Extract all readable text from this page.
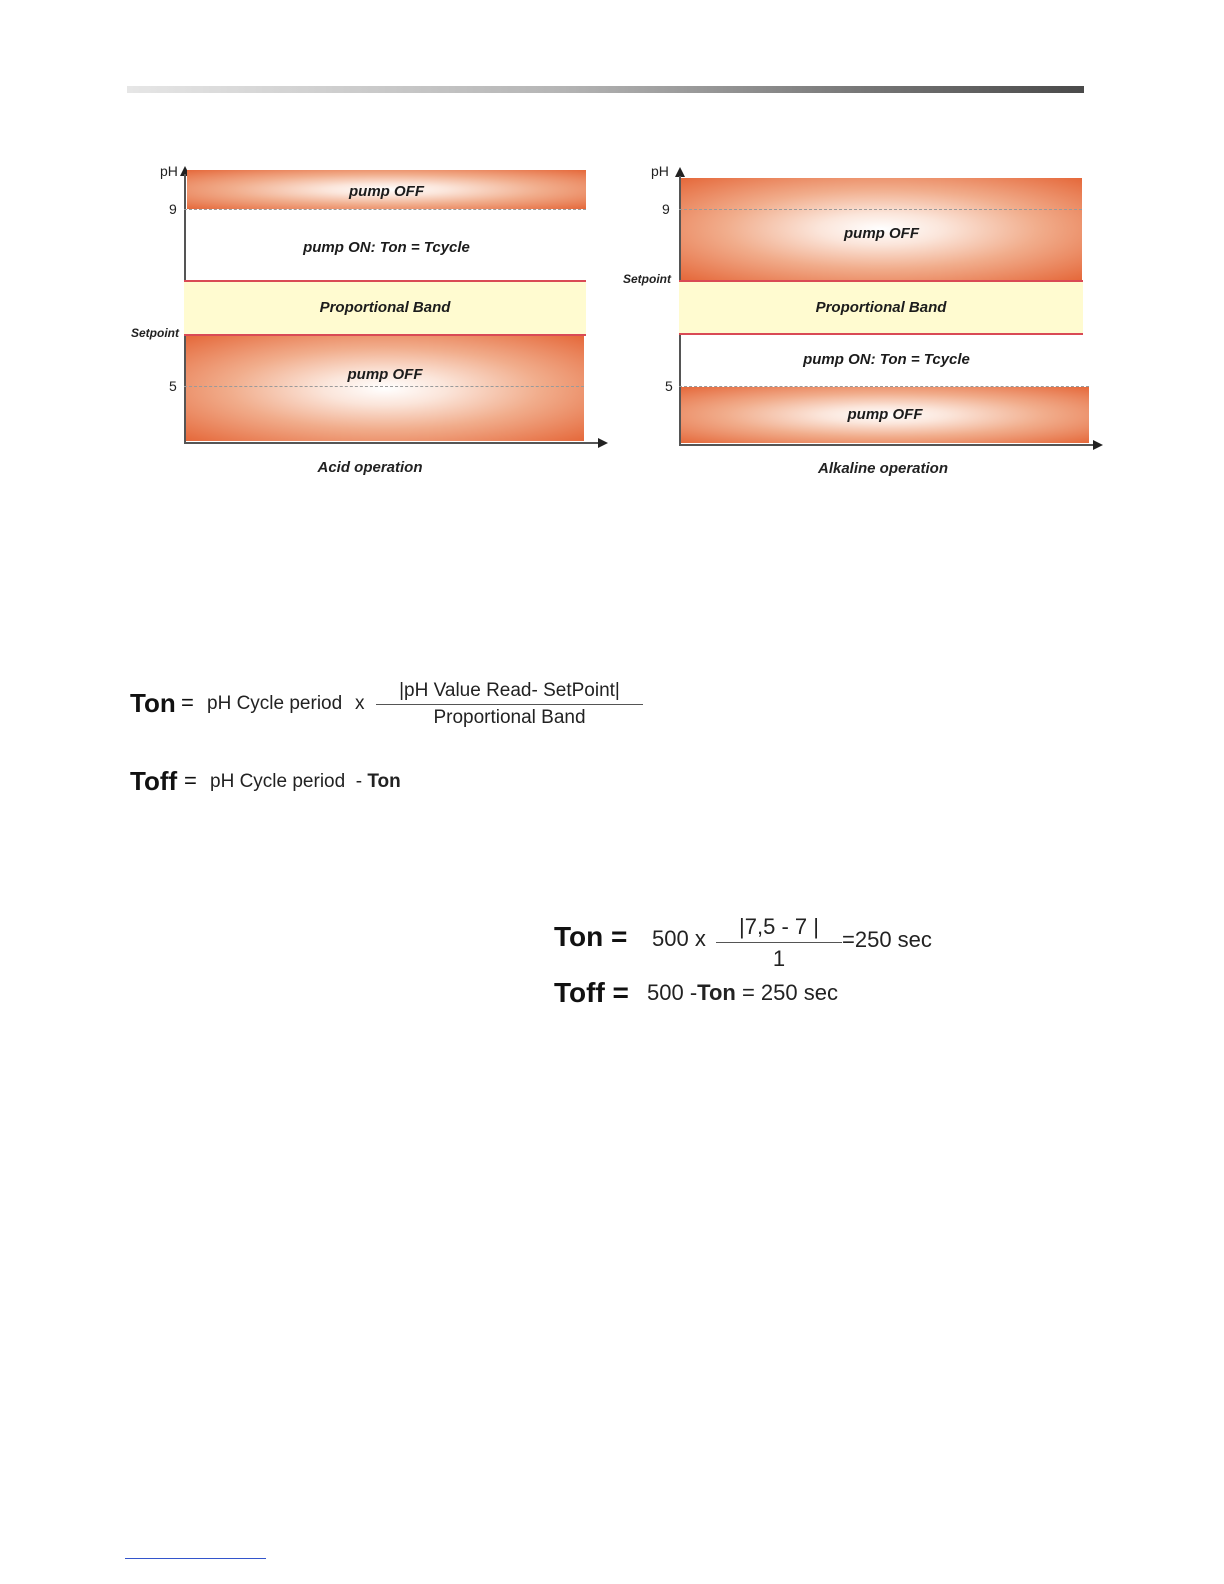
pH
pump OFF
9
pump ON: Ton = Tcycle
Proportional Band
Setpoint
pump OFF
5
Acid operation
pH
pump OFF
9
Setpoint
Proportional Band
pump ON: Ton = Tcycle
5
pump OFF
Alkaline operation
Ton = pH Cycle period x
|pH Value Read- SetPoint|
Proportional Band
Toff = pH Cycle period  - Ton
Ton = 500 x	|7,5 - 7 |
1
=250 sec
Toff = 500 -Ton = 250 sec
